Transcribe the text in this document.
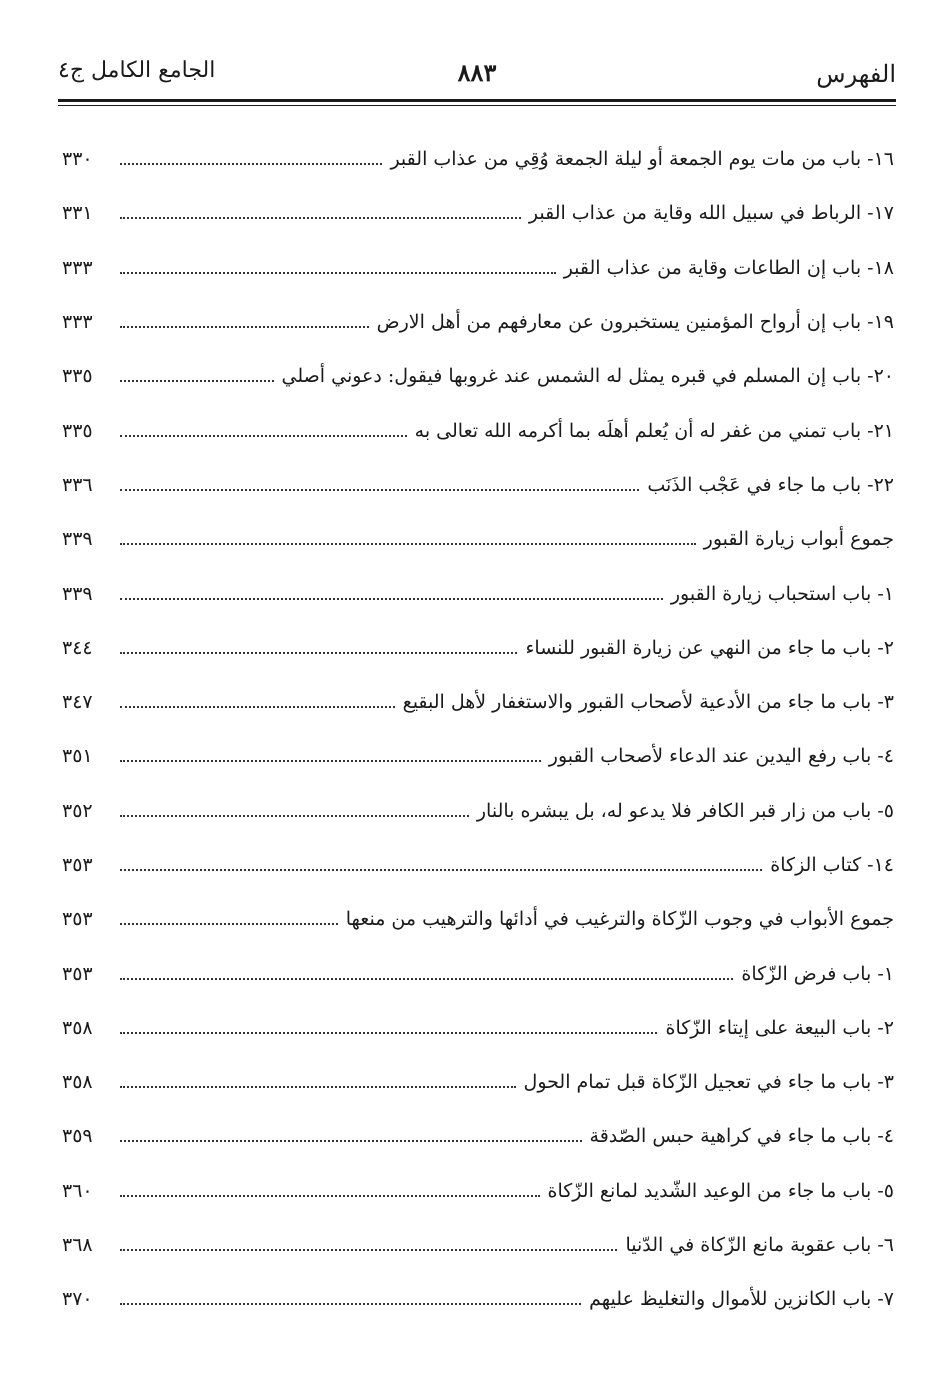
الفهرس
٨٨٣
الجامع الكامل ج٤
١٦- باب من مات يوم الجمعة أو ليلة الجمعة وُقِي من عذاب القبر
٣٣٠
١٧- الرباط في سبيل الله وقاية من عذاب القبر
٣٣١
١٨- باب إن الطاعات وقاية من عذاب القبر
٣٣٣
١٩- باب إن أرواح المؤمنين يستخبرون عن معارفهم من أهل الارض
٣٣٣
٢٠- باب إن المسلم في قبره يمثل له الشمس عند غروبها فيقول: دعوني أصلي
٣٣٥
٢١- باب تمني من غفر له أن يُعلم أهلَه بما أكرمه الله تعالى به
٣٣٥
٢٢- باب ما جاء في عَجْب الذَنَب
٣٣٦
جموع أبواب زيارة القبور
٣٣٩
١- باب استحباب زيارة القبور
٣٣٩
٢- باب ما جاء من النهي عن زيارة القبور للنساء
٣٤٤
٣- باب ما جاء من الأدعية لأصحاب القبور والاستغفار لأهل البقيع
٣٤٧
٤- باب رفع اليدين عند الدعاء لأصحاب القبور
٣٥١
٥- باب من زار قبر الكافر فلا يدعو له، بل يبشره بالنار
٣٥٢
١٤- كتاب الزكاة
٣٥٣
جموع الأبواب في وجوب الزّكاة والترغيب في أدائها والترهيب من منعها
٣٥٣
١- باب فرض الزّكاة
٣٥٣
٢- باب البيعة على إيتاء الزّكاة
٣٥٨
٣- باب ما جاء في تعجيل الزّكاة قبل تمام الحول
٣٥٨
٤- باب ما جاء في كراهية حبس الصّدقة
٣٥٩
٥- باب ما جاء من الوعيد الشّديد لمانع الزّكاة
٣٦٠
٦- باب عقوبة مانع الزّكاة في الدّنيا
٣٦٨
٧- باب الكانزين للأموال والتغليظ عليهم
٣٧٠
